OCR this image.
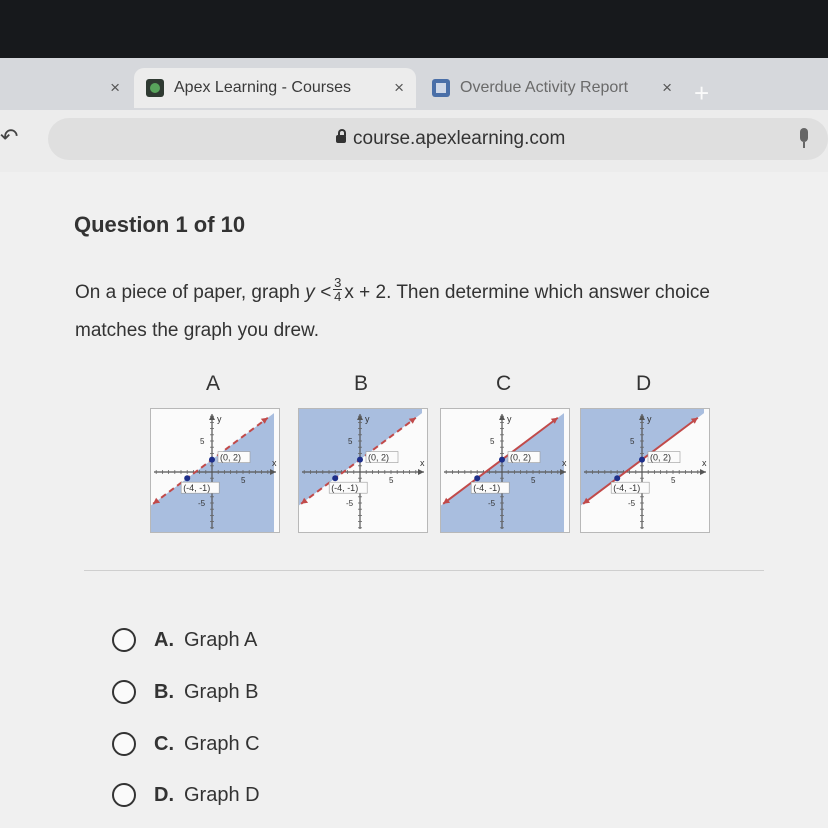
×	Apex Learning - Courses	×	Overdue Activity Report	× +
↶	course.apexlearning.com
Question 1 of 10
On a piece of paper, graph $y < \frac{3}{4}$ x + 2. Then determine which answer choice
matches the graph you drew.
A
x
y
5
-5
5
(0, 2)
(-4, -1)
B
x
y
5
-5
5
(0, 2)
(-4, -1)
C
x
y
5
-5
5
(0, 2)
(-4, -1)
D
x
y
5
-5
5
(0, 2)
(-4, -1)
A. Graph A
B. Graph B
C. Graph C
D. Graph D
